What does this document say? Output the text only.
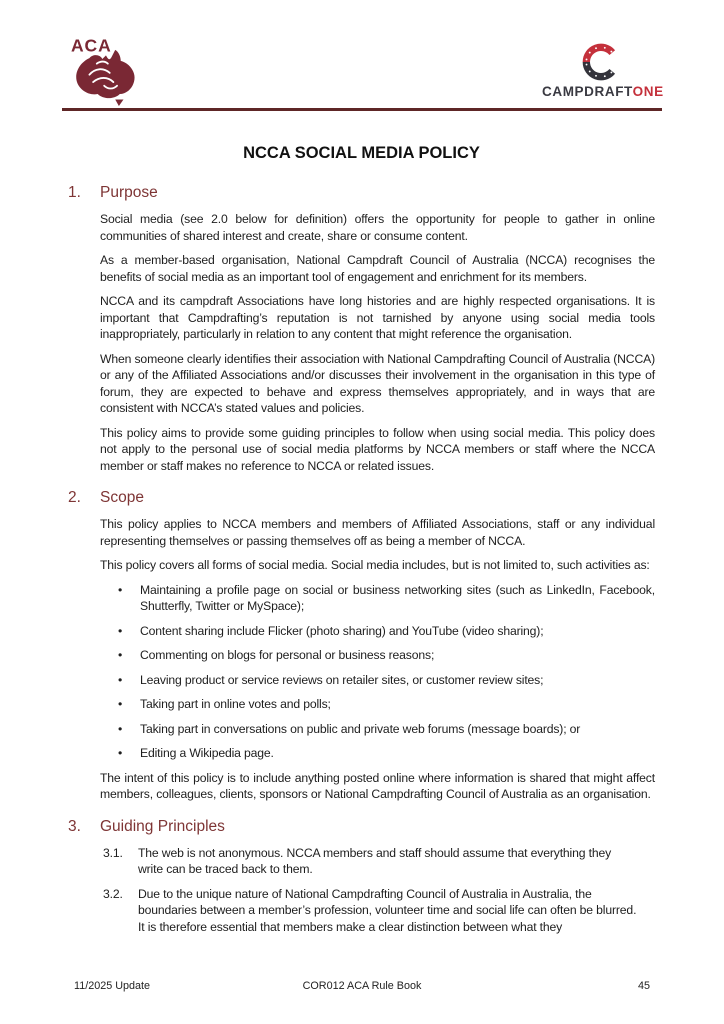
ACA
CAMPDRAFTONE
NCCA SOCIAL MEDIA POLICY
1.	Purpose

Social media (see 2.0 below for definition) offers the opportunity for people to gather in online communities of shared interest and create, share or consume content.

As a member-based organisation, National Campdraft Council of Australia (NCCA) recognises the benefits of social media as an important tool of engagement and enrichment for its members.

NCCA and its campdraft Associations have long histories and are highly respected organisations. It is important that Campdrafting’s reputation is not tarnished by anyone using social media tools inappropriately, particularly in relation to any content that might reference the organisation.

When someone clearly identifies their association with National Campdrafting Council of Australia (NCCA) or any of the Affiliated Associations and/or discusses their involvement in the organisation in this type of forum, they are expected to behave and express themselves appropriately, and in ways that are consistent with NCCA’s stated values and policies.

This policy aims to provide some guiding principles to follow when using social media. This policy does not apply to the personal use of social media platforms by NCCA members or staff where the NCCA member or staff makes no reference to NCCA or related issues.

2.	Scope

This policy applies to NCCA members and members of Affiliated Associations, staff or any individual representing themselves or passing themselves off as being a member of NCCA.

This policy covers all forms of social media. Social media includes, but is not limited to, such activities as:

•	Maintaining a profile page on social or business networking sites (such as LinkedIn, Facebook, Shutterfly, Twitter or MySpace);
•	Content sharing include Flicker (photo sharing) and YouTube (video sharing);
•	Commenting on blogs for personal or business reasons;
•	Leaving product or service reviews on retailer sites, or customer review sites;
•	Taking part in online votes and polls;
•	Taking part in conversations on public and private web forums (message boards); or
•	Editing a Wikipedia page.

The intent of this policy is to include anything posted online where information is shared that might affect members, colleagues, clients, sponsors or National Campdrafting Council of Australia as an organisation.

3.	Guiding Principles
3.1.	The web is not anonymous. NCCA members and staff should assume that everything they write can be traced back to them.
3.2.	Due to the unique nature of National Campdrafting Council of Australia in Australia, the boundaries between a member’s profession, volunteer time and social life can often be blurred. It is therefore essential that members make a clear distinction between what they
11/2025 Update	COR012 ACA Rule Book	45
